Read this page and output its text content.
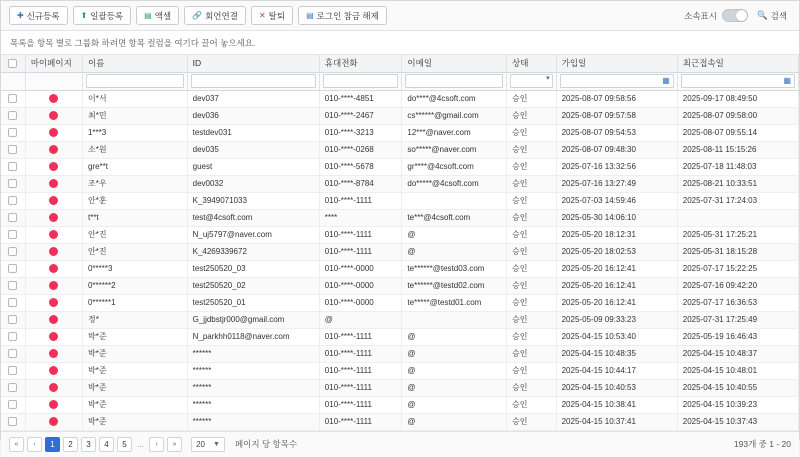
✚ 신규등록	⬆ 일괄등록	▤ 액셀	🔗 회언연결	✕ 탈퇴	▤ 로그인 참금 해제	소속표시	🔍 검색
목록을 항목 별로 그룹화 하려면 항목 컬럼을 여기다 끌어 놓으세요.
	마이페이지	이름	ID	휴대전화	이메일	상태	가입일	최근접속일

▾

▦	▦

		이*서	dev037	010-****-4851	do****@4csoft.com	승인	2025-08-07 09:58:56	2025-09-17 08:49:50
		최*민	dev036	010-****-2467	cs******@gmail.com	승인	2025-08-07 09:57:58	2025-08-07 09:58:00
		1***3	testdev031	010-****-3213	12***@naver.com	승인	2025-08-07 09:54:53	2025-08-07 09:55:14
		소*원	dev035	010-****-0268	so*****@naver.com	승인	2025-08-07 09:48:30	2025-08-11 15:15:26
		gre**t	guest	010-****-5678	gr****@4csoft.com	승인	2025-07-16 13:32:56	2025-07-18 11:48:03
		조*우	dev0032	010-****-8784	do*****@4csoft.com	승인	2025-07-16 13:27:49	2025-08-21 10:33:51
		안*훈	K_3949071033	010-****-1111		승인	2025-07-03 14:59:46	2025-07-31 17:24:03
		t**t	test@4csoft.com	****	te***@4csoft.com	승인	2025-05-30 14:06:10	
		안*진	N_uj5797@naver.com	010-****-1111	@	승인	2025-05-20 18:12:31	2025-05-31 17:25:21
		안*진	K_4269339672	010-****-1111	@	승인	2025-05-20 18:02:53	2025-05-31 18:15:28
		0*****3	test250520_03	010-****-0000	te******@testd03.com	승인	2025-05-20 16:12:41	2025-07-17 15:22:25
		0******2	test250520_02	010-****-0000	te******@testd02.com	승인	2025-05-20 16:12:41	2025-07-16 09:42:20
		0******1	test250520_01	010-****-0000	te*****@testd01.com	승인	2025-05-20 16:12:41	2025-07-17 16:36:53
		정*	G_jjdbstjr000@gmail.com	@		승인	2025-05-09 09:33:23	2025-07-31 17:25:49
		박*준	N_parkhh0118@naver.com	010-****-1111	@	승인	2025-04-15 10:53:40	2025-05-19 16:46:43
		박*준	******	010-****-1111	@	승인	2025-04-15 10:48:35	2025-04-15 10:48:37
		박*준	******	010-****-1111	@	승인	2025-04-15 10:44:17	2025-04-15 10:48:01
		박*준	******	010-****-1111	@	승인	2025-04-15 10:40:53	2025-04-15 10:40:55
		박*준	******	010-****-1111	@	승인	2025-04-15 10:38:41	2025-04-15 10:39:23
		박*준	******	010-****-1111	@	승인	2025-04-15 10:37:41	2025-04-15 10:37:43
«	‹	1	2	3	4	5	...	›	»	20 ▼ 페이지 당 항목수	193개 중 1 - 20
